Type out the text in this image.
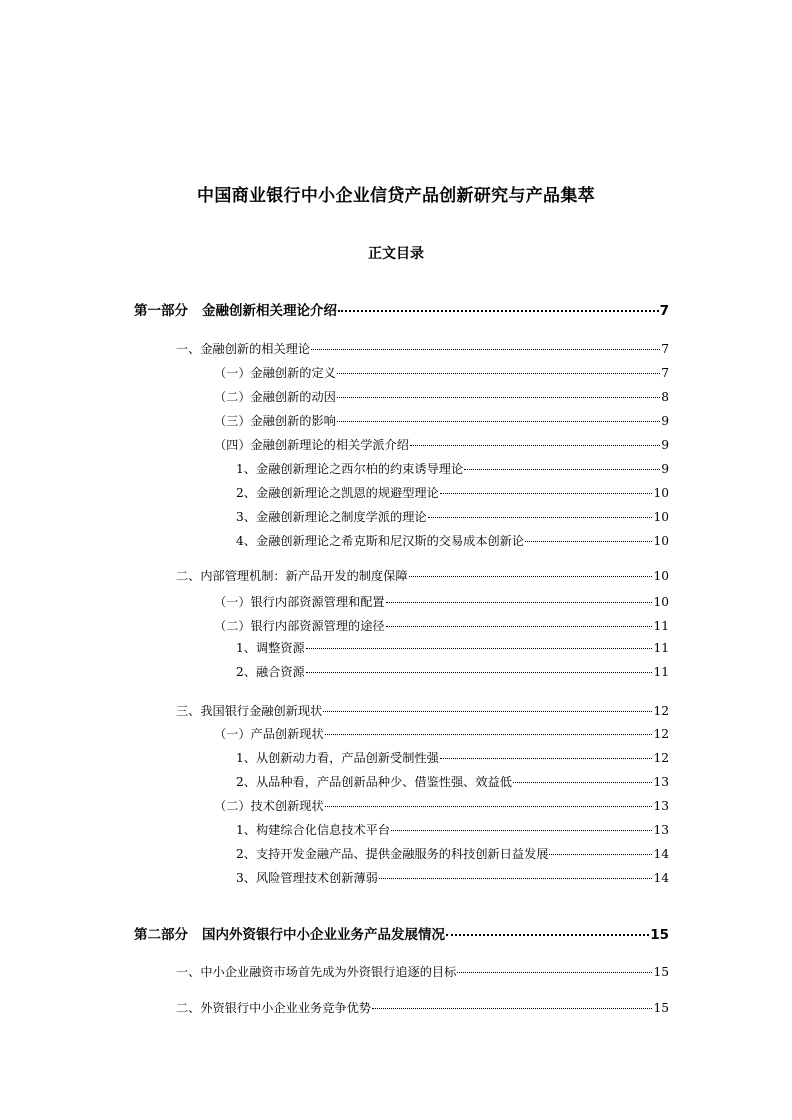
中国商业银行中小企业信贷产品创新研究与产品集萃
正文目录
第一部分 金融创新相关理论介绍	7
一、金融创新的相关理论	7
（一）金融创新的定义	7
（二）金融创新的动因	8
（三）金融创新的影响	9
（四）金融创新理论的相关学派介绍	9
1、金融创新理论之西尔柏的约束诱导理论	9
2、金融创新理论之凯恩的规避型理论	10
3、金融创新理论之制度学派的理论	10
4、金融创新理论之希克斯和尼汉斯的交易成本创新论	10
二、内部管理机制：新产品开发的制度保障	10
（一）银行内部资源管理和配置	10
（二）银行内部资源管理的途径	11
1、调整资源	11
2、融合资源	11
三、我国银行金融创新现状	12
（一）产品创新现状	12
1、从创新动力看，产品创新受制性强	12
2、从品种看，产品创新品种少、借鉴性强、效益低	13
（二）技术创新现状	13
1、构建综合化信息技术平台	13
2、支持开发金融产品、提供金融服务的科技创新日益发展	14
3、风险管理技术创新薄弱	14
第二部分 国内外资银行中小企业业务产品发展情况	15
一、中小企业融资市场首先成为外资银行追逐的目标	15
二、外资银行中小企业业务竞争优势	15
